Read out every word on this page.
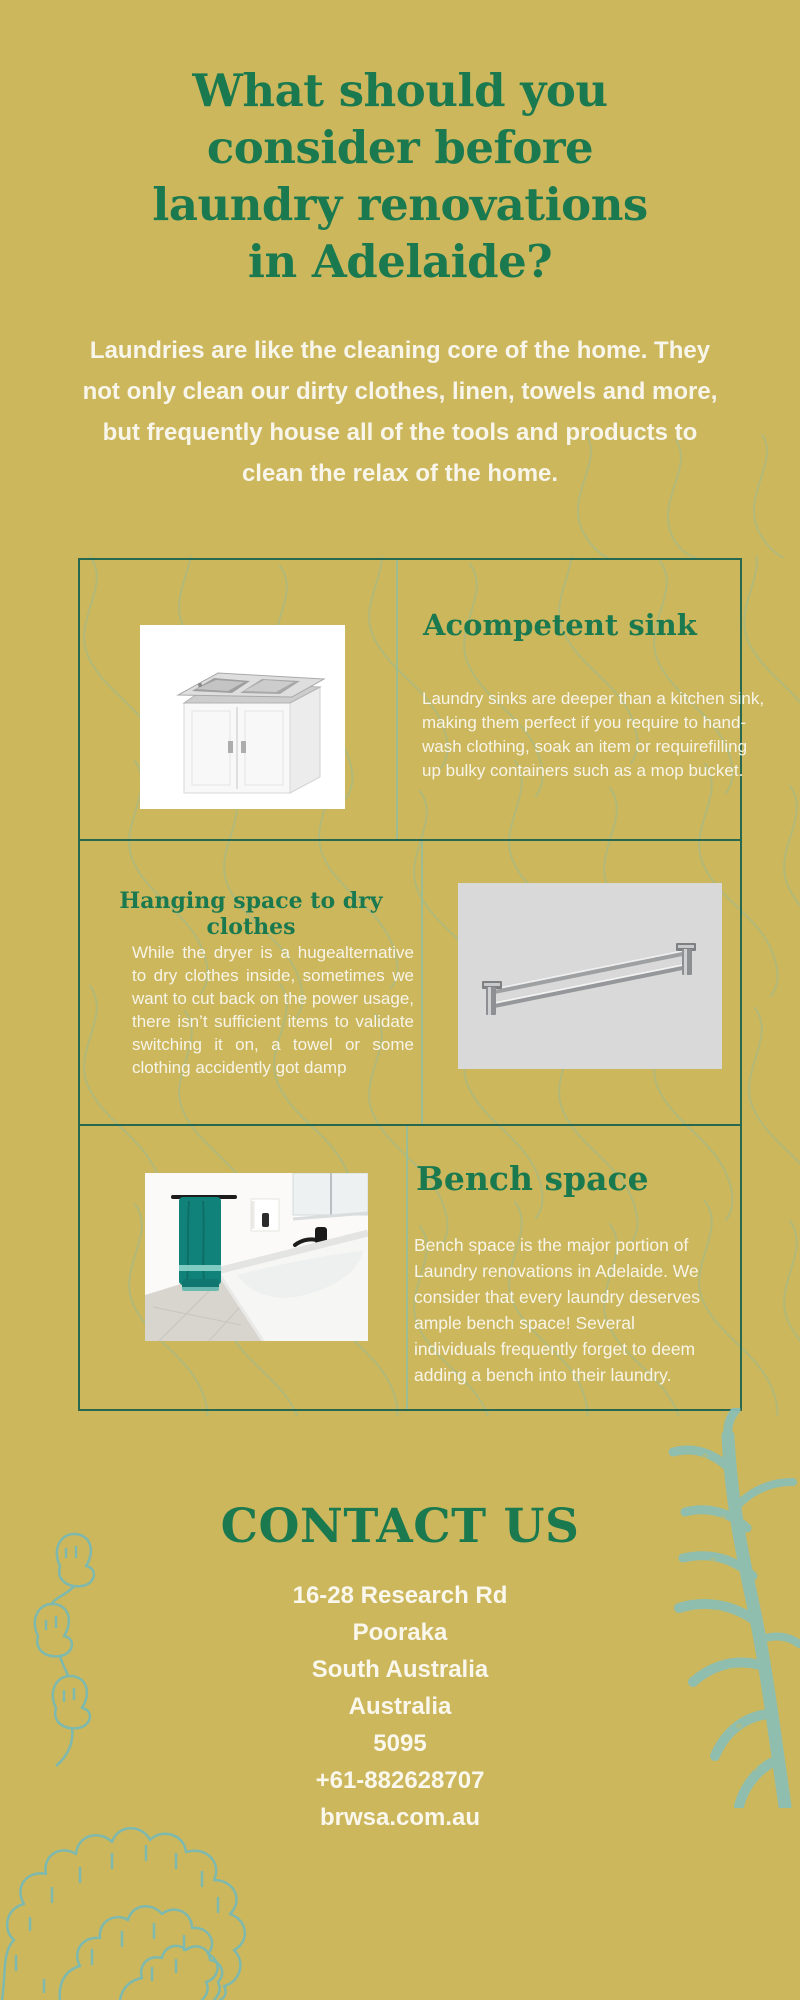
What should you
consider before
laundry renovations
in Adelaide?
Laundries are like the cleaning core of the home. They not only clean our dirty clothes, linen, towels and more, but frequently house all of the tools and products to clean the relax of the home.
Acompetent sink
Laundry sinks are deeper than a kitchen sink, making them perfect if you require to hand-wash clothing, soak an item or requirefilling up bulky containers such as a mop bucket.
Hanging space to dry clothes
While the dryer is a hugealternative to dry clothes inside, sometimes we want to cut back on the power usage, there isn’t sufficient items to validate switching it on, a towel or some clothing accidently got damp
Bench space
Bench space is the major portion of Laundry renovations in Adelaide. We consider that every laundry deserves ample bench space! Several individuals frequently forget to deem adding a bench into their laundry.
CONTACT US
16-28 Research Rd
Pooraka
South Australia
Australia
5095
+61-882628707
brwsa.com.au
